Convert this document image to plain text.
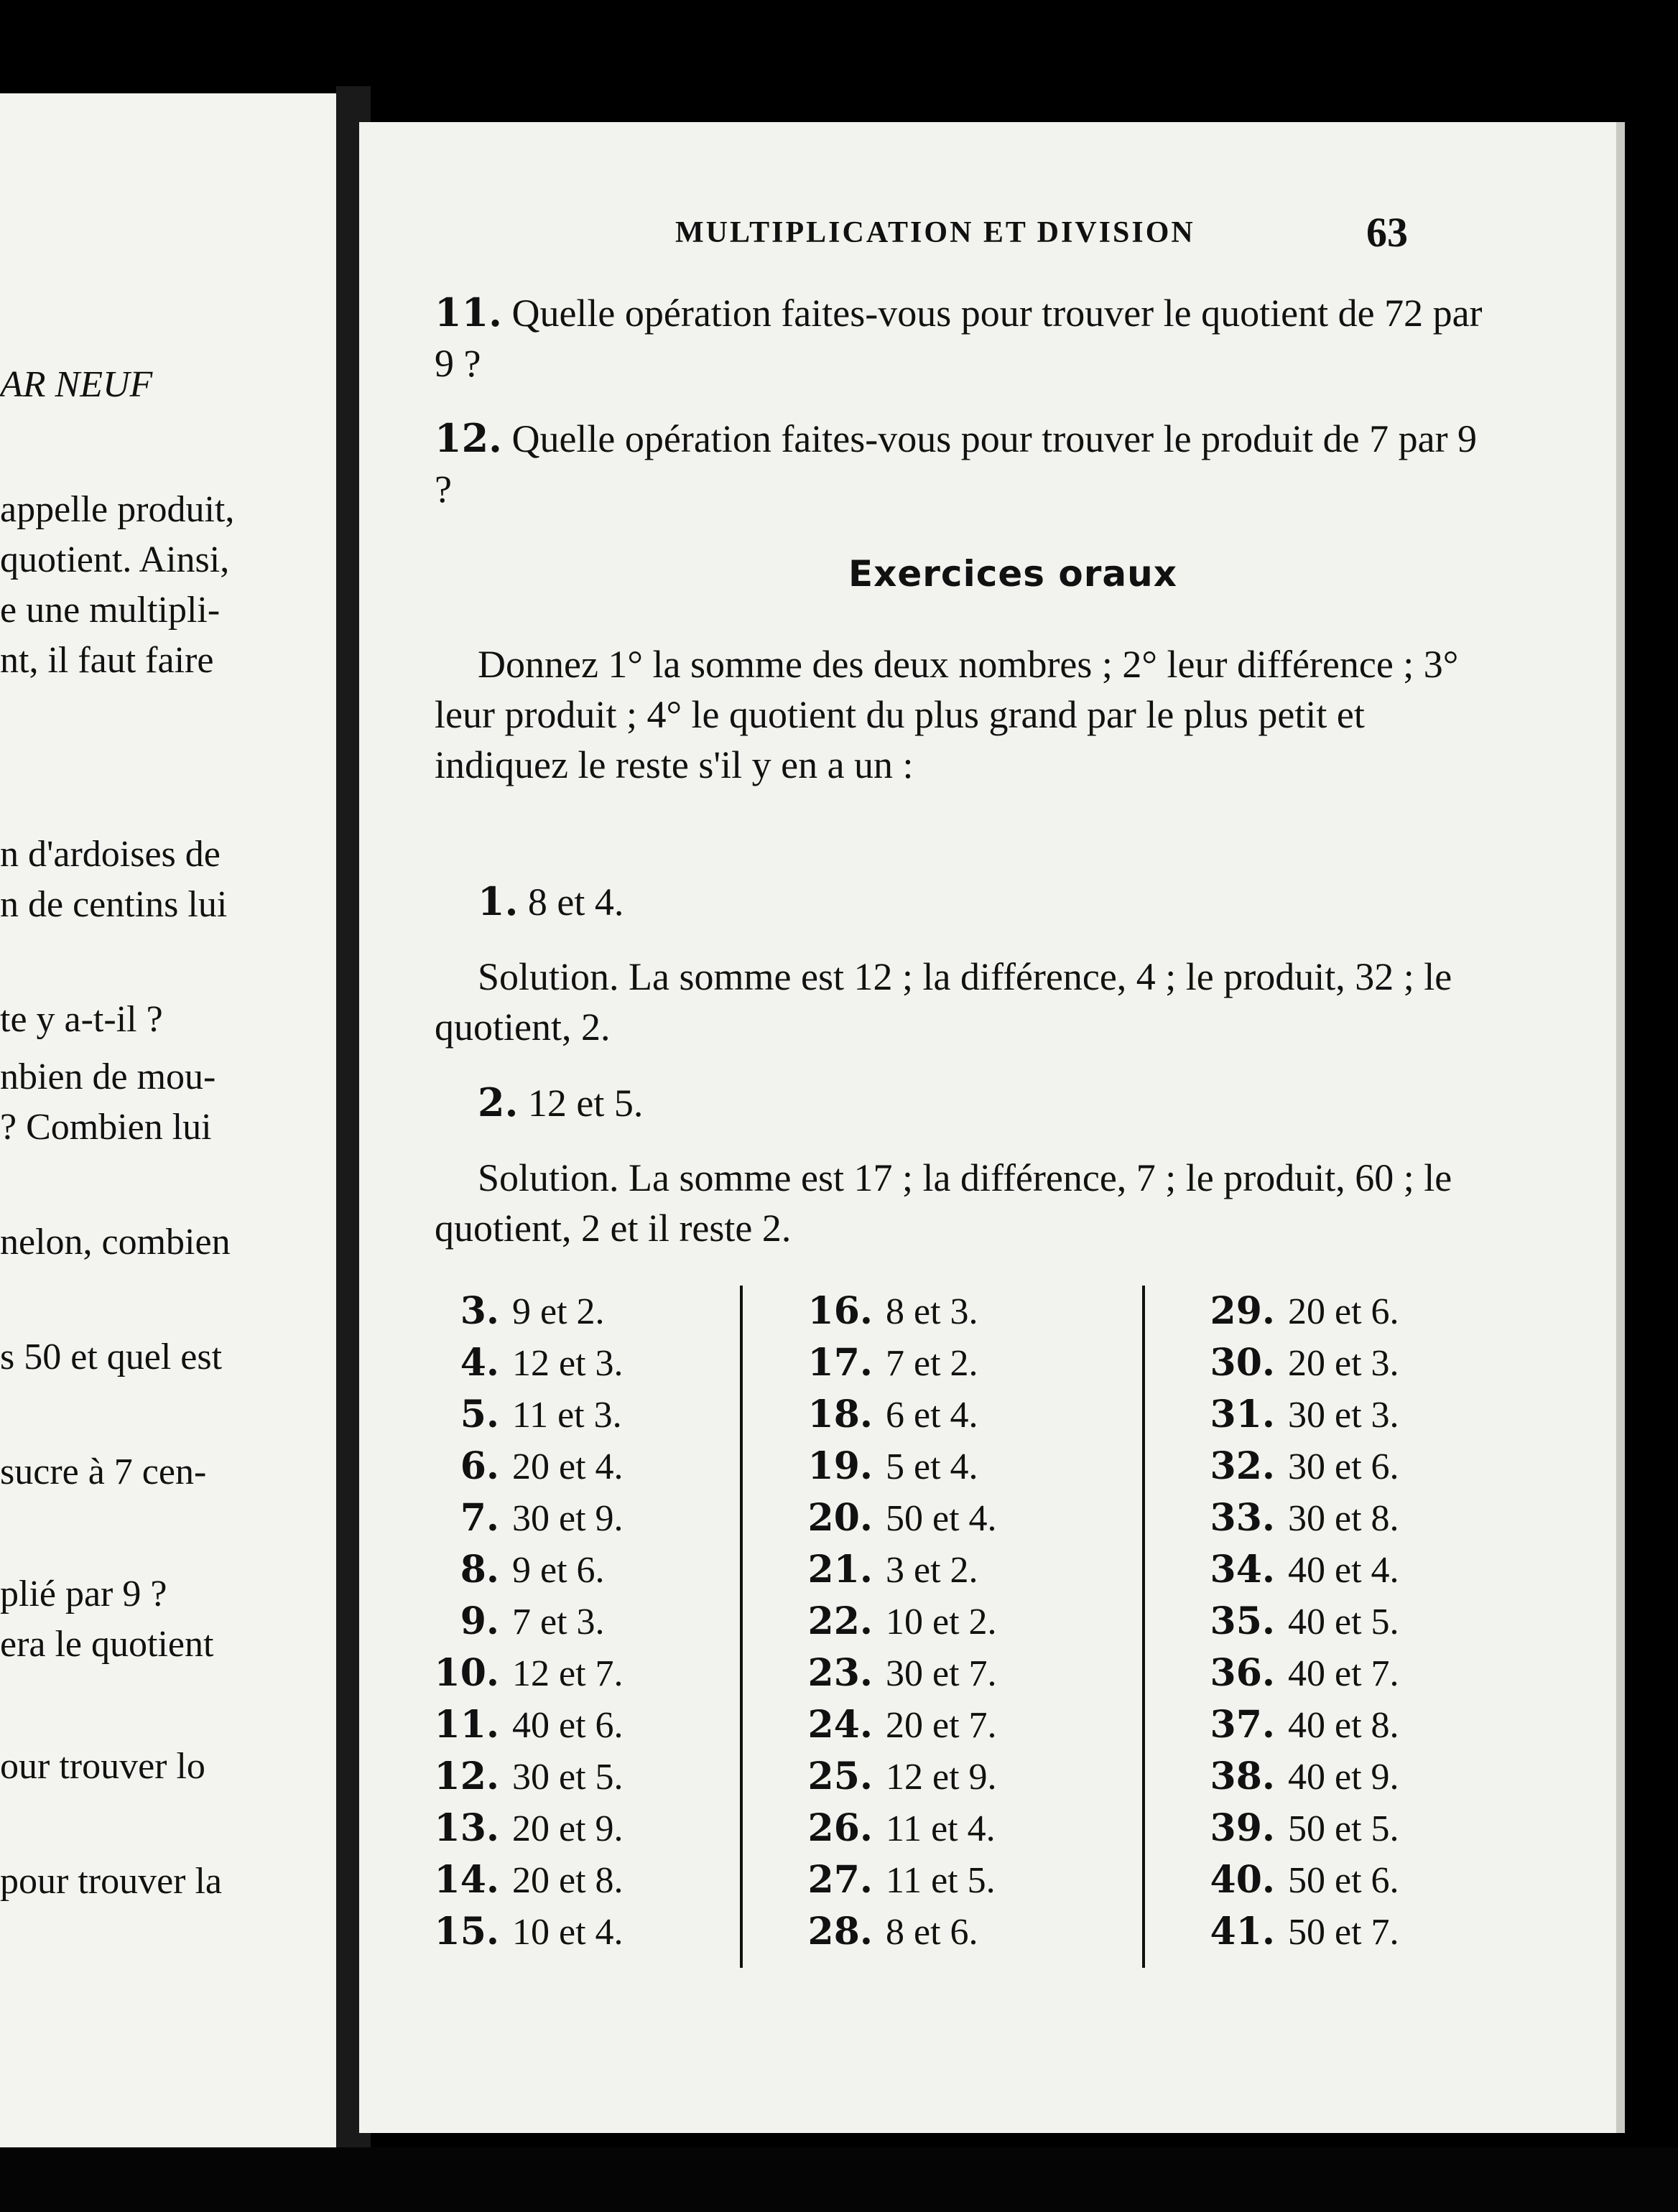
AR NEUF
appelle produit,
quotient. Ainsi,
e une multipli-
nt, il faut faire
n d'ardoises de
n de centins lui
te y a-t-il ?
nbien de mou-
? Combien lui
nelon, combien
s 50 et quel est
sucre à 7 cen-
plié par 9 ?
era le quotient
our trouver lo
pour trouver la
MULTIPLICATION ET DIVISION	63
11. Quelle opération faites-vous pour trouver le quotient de 72 par 9 ?
12. Quelle opération faites-vous pour trouver le produit de 7 par 9 ?
Exercices oraux
Donnez 1° la somme des deux nombres ; 2° leur différence ; 3° leur produit ; 4° le quotient du plus grand par le plus petit et indiquez le reste s'il y en a un :
1. 8 et 4.
Solution. La somme est 12 ; la différence, 4 ; le produit, 32 ; le quotient, 2.
2. 12 et 5.
Solution. La somme est 17 ; la différence, 7 ; le produit, 60 ; le quotient, 2 et il reste 2.
3. 9 et 2.
4. 12 et 3.
5. 11 et 3.
6. 20 et 4.
7. 30 et 9.
8. 9 et 6.
9. 7 et 3.
10. 12 et 7.
11. 40 et 6.
12. 30 et 5.
13. 20 et 9.
14. 20 et 8.
15. 10 et 4.
16. 8 et 3.
17. 7 et 2.
18. 6 et 4.
19. 5 et 4.
20. 50 et 4.
21. 3 et 2.
22. 10 et 2.
23. 30 et 7.
24. 20 et 7.
25. 12 et 9.
26. 11 et 4.
27. 11 et 5.
28. 8 et 6.
29. 20 et 6.
30. 20 et 3.
31. 30 et 3.
32. 30 et 6.
33. 30 et 8.
34. 40 et 4.
35. 40 et 5.
36. 40 et 7.
37. 40 et 8.
38. 40 et 9.
39. 50 et 5.
40. 50 et 6.
41. 50 et 7.
